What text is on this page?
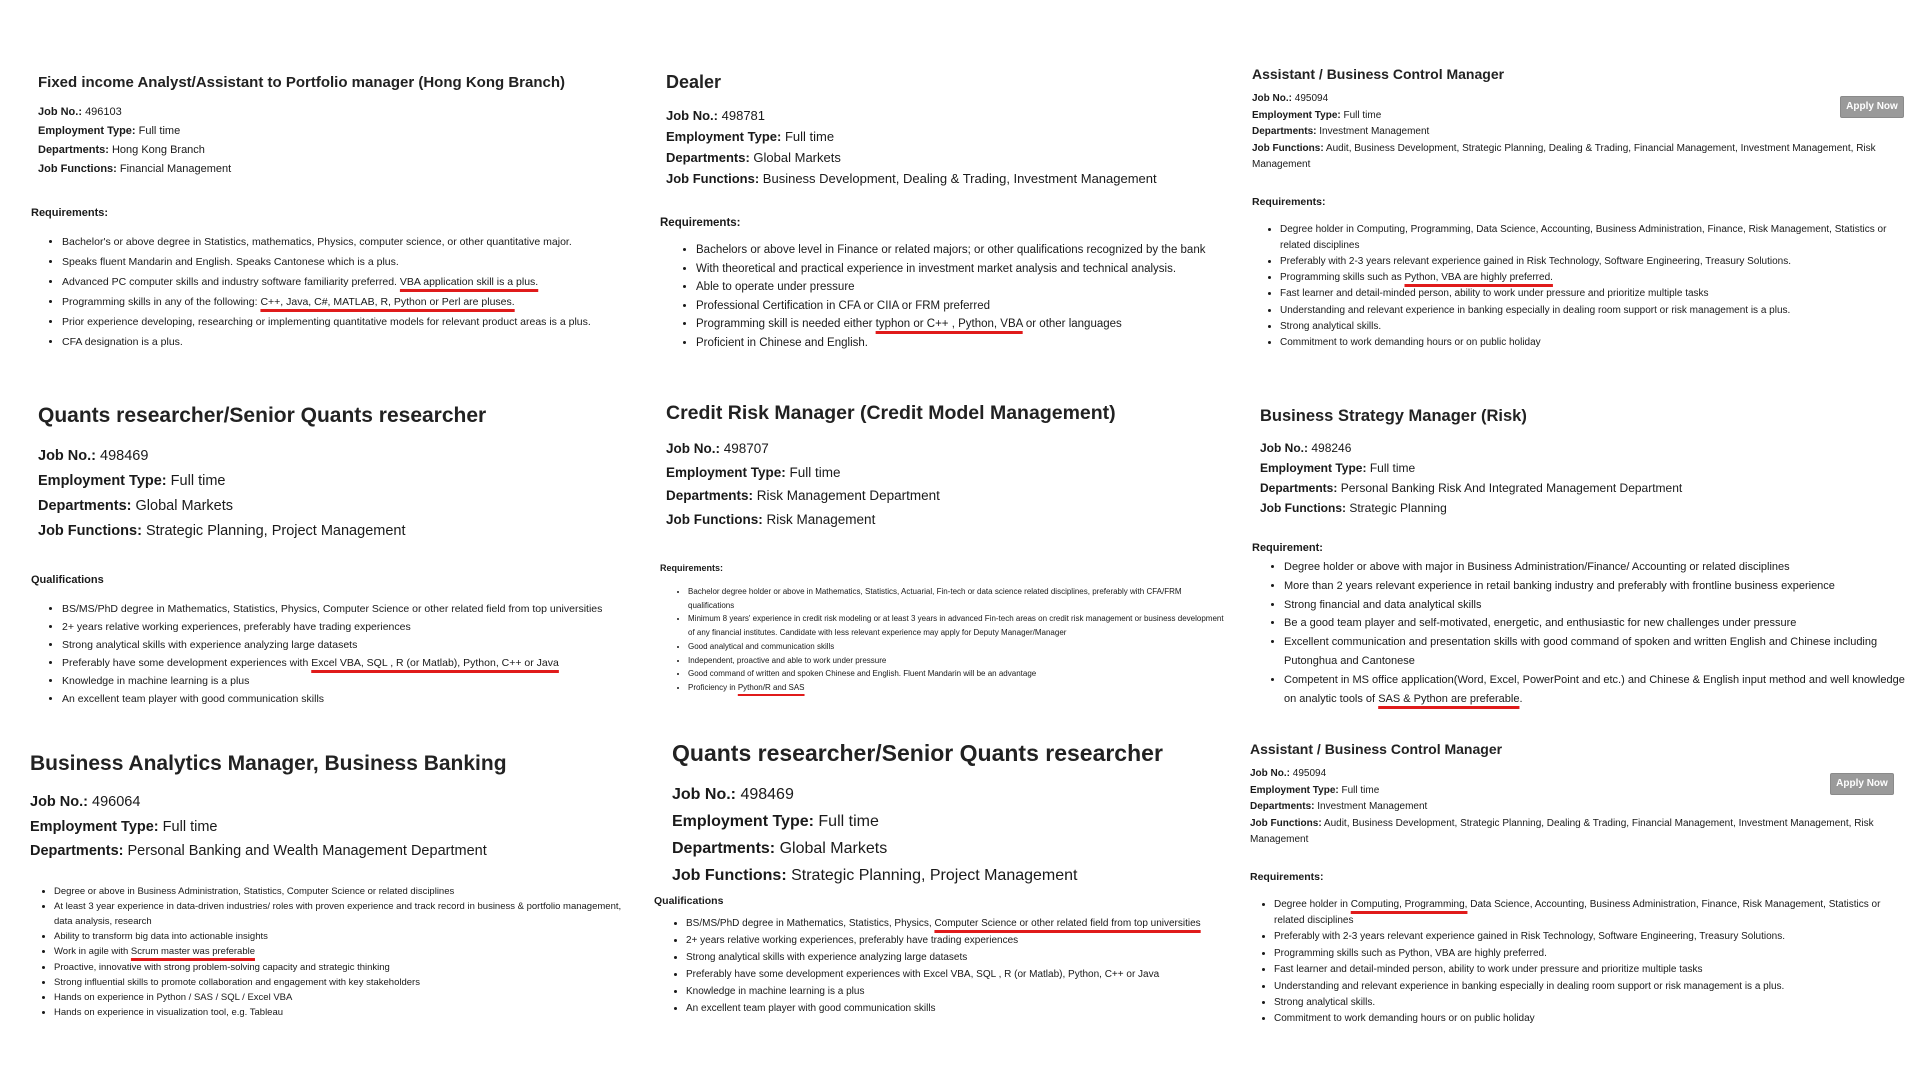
Fixed income Analyst/Assistant to Portfolio manager (Hong Kong Branch)
Job No.: 496103
Employment Type: Full time
Departments: Hong Kong Branch
Job Functions: Financial Management
Requirements:
• Bachelor's or above degree in Statistics, mathematics, Physics, computer science, or other quantitative major.
• Speaks fluent Mandarin and English. Speaks Cantonese which is a plus.
• Advanced PC computer skills and industry software familiarity preferred. VBA application skill is a plus.
• Programming skills in any of the following: C++, Java, C#, MATLAB, R, Python or Perl are pluses.
• Prior experience developing, researching or implementing quantitative models for relevant product areas is a plus.
• CFA designation is a plus.
Dealer
Job No.: 498781
Employment Type: Full time
Departments: Global Markets
Job Functions: Business Development, Dealing & Trading, Investment Management
Requirements:
• Bachelors or above level in Finance or related majors; or other qualifications recognized by the bank
• With theoretical and practical experience in investment market analysis and technical analysis.
• Able to operate under pressure
• Professional Certification in CFA or CIIA or FRM preferred
• Programming skill is needed either typhon or C++ , Python, VBA or other languages
• Proficient in Chinese and English.
Assistant / Business Control Manager
Apply Now
Job No.: 495094
Employment Type: Full time
Departments: Investment Management
Job Functions: Audit, Business Development, Strategic Planning, Dealing & Trading, Financial Management, Investment Management, Risk Management
Requirements:
• Degree holder in Computing, Programming, Data Science, Accounting, Business Administration, Finance, Risk Management, Statistics or related disciplines
• Preferably with 2-3 years relevant experience gained in Risk Technology, Software Engineering, Treasury Solutions.
• Programming skills such as Python, VBA are highly preferred.
• Fast learner and detail-minded person, ability to work under pressure and prioritize multiple tasks
• Understanding and relevant experience in banking especially in dealing room support or risk management is a plus.
• Strong analytical skills.
• Commitment to work demanding hours or on public holiday
Quants researcher/Senior Quants researcher
Job No.: 498469
Employment Type: Full time
Departments: Global Markets
Job Functions: Strategic Planning, Project Management
Qualifications
• BS/MS/PhD degree in Mathematics, Statistics, Physics, Computer Science or other related field from top universities
• 2+ years relative working experiences, preferably have trading experiences
• Strong analytical skills with experience analyzing large datasets
• Preferably have some development experiences with Excel VBA, SQL , R (or Matlab), Python, C++ or Java
• Knowledge in machine learning is a plus
• An excellent team player with good communication skills
Credit Risk Manager (Credit Model Management)
Job No.: 498707
Employment Type: Full time
Departments: Risk Management Department
Job Functions: Risk Management
Requirements:
• Bachelor degree holder or above in Mathematics, Statistics, Actuarial, Fin-tech or data science related disciplines, preferably with CFA/FRM qualifications
• Minimum 8 years' experience in credit risk modeling or at least 3 years in advanced Fin-tech areas on credit risk management or business development of any financial institutes. Candidate with less relevant experience may apply for Deputy Manager/Manager
• Good analytical and communication skills
• Independent, proactive and able to work under pressure
• Good command of written and spoken Chinese and English. Fluent Mandarin will be an advantage
• Proficiency in Python/R and SAS
Business Strategy Manager (Risk)
Job No.: 498246
Employment Type: Full time
Departments: Personal Banking Risk And Integrated Management Department
Job Functions: Strategic Planning
Requirement:
• Degree holder or above with major in Business Administration/Finance/ Accounting or related disciplines
• More than 2 years relevant experience in retail banking industry and preferably with frontline business experience
• Strong financial and data analytical skills
• Be a good team player and self-motivated, energetic, and enthusiastic for new challenges under pressure
• Excellent communication and presentation skills with good command of spoken and written English and Chinese including Putonghua and Cantonese
• Competent in MS office application(Word, Excel, PowerPoint and etc.) and Chinese & English input method and well knowledge on analytic tools of SAS & Python are preferable.
Business Analytics Manager, Business Banking
Job No.: 496064
Employment Type: Full time
Departments: Personal Banking and Wealth Management Department
• Degree or above in Business Administration, Statistics, Computer Science or related disciplines
• At least 3 year experience in data-driven industries/ roles with proven experience and track record in business & portfolio management, data analysis, research
• Ability to transform big data into actionable insights
• Work in agile with Scrum master was preferable
• Proactive, innovative with strong problem-solving capacity and strategic thinking
• Strong influential skills to promote collaboration and engagement with key stakeholders
• Hands on experience in Python / SAS / SQL / Excel VBA
• Hands on experience in visualization tool, e.g. Tableau
Quants researcher/Senior Quants researcher
Job No.: 498469
Employment Type: Full time
Departments: Global Markets
Job Functions: Strategic Planning, Project Management
Qualifications
• BS/MS/PhD degree in Mathematics, Statistics, Physics, Computer Science or other related field from top universities
• 2+ years relative working experiences, preferably have trading experiences
• Strong analytical skills with experience analyzing large datasets
• Preferably have some development experiences with Excel VBA, SQL , R (or Matlab), Python, C++ or Java
• Knowledge in machine learning is a plus
• An excellent team player with good communication skills
Assistant / Business Control Manager
Apply Now
Job No.: 495094
Employment Type: Full time
Departments: Investment Management
Job Functions: Audit, Business Development, Strategic Planning, Dealing & Trading, Financial Management, Investment Management, Risk Management
Requirements:
• Degree holder in Computing, Programming, Data Science, Accounting, Business Administration, Finance, Risk Management, Statistics or related disciplines
• Preferably with 2-3 years relevant experience gained in Risk Technology, Software Engineering, Treasury Solutions.
• Programming skills such as Python, VBA are highly preferred.
• Fast learner and detail-minded person, ability to work under pressure and prioritize multiple tasks
• Understanding and relevant experience in banking especially in dealing room support or risk management is a plus.
• Strong analytical skills.
• Commitment to work demanding hours or on public holiday
